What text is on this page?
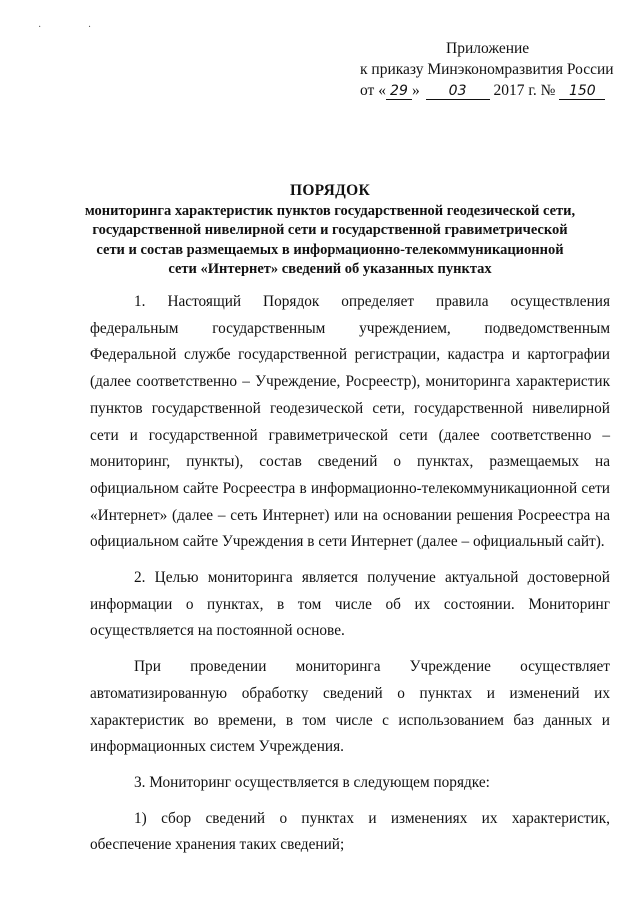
· ·
Приложение
к приказу Минэкономразвития России
от « 29 » 03 2017 г. № 150
ПОРЯДОК
мониторинга характеристик пунктов государственной геодезической сети,
государственной нивелирной сети и государственной гравиметрической
сети и состав размещаемых в информационно-телекоммуникационной
сети «Интернет» сведений об указанных пунктах

1. Настоящий Порядок определяет правила осуществления федеральным государственным учреждением, подведомственным Федеральной службе государственной регистрации, кадастра и картографии (далее соответственно – Учреждение, Росреестр), мониторинга характеристик пунктов государственной геодезической сети, государственной нивелирной сети и государственной гравиметрической сети (далее соответственно – мониторинг, пункты), состав сведений о пунктах, размещаемых на официальном сайте Росреестра в информационно-телекоммуникационной сети «Интернет» (далее – сеть Интернет) или на основании решения Росреестра на официальном сайте Учреждения в сети Интернет (далее – официальный сайт).

2. Целью мониторинга является получение актуальной достоверной информации о пунктах, в том числе об их состоянии. Мониторинг осуществляется на постоянной основе.

При проведении мониторинга Учреждение осуществляет автоматизированную обработку сведений о пунктах и изменений их характеристик во времени, в том числе с использованием баз данных и информационных систем Учреждения.

3. Мониторинг осуществляется в следующем порядке:

1) сбор сведений о пунктах и изменениях их характеристик, обеспечение хранения таких сведений;
